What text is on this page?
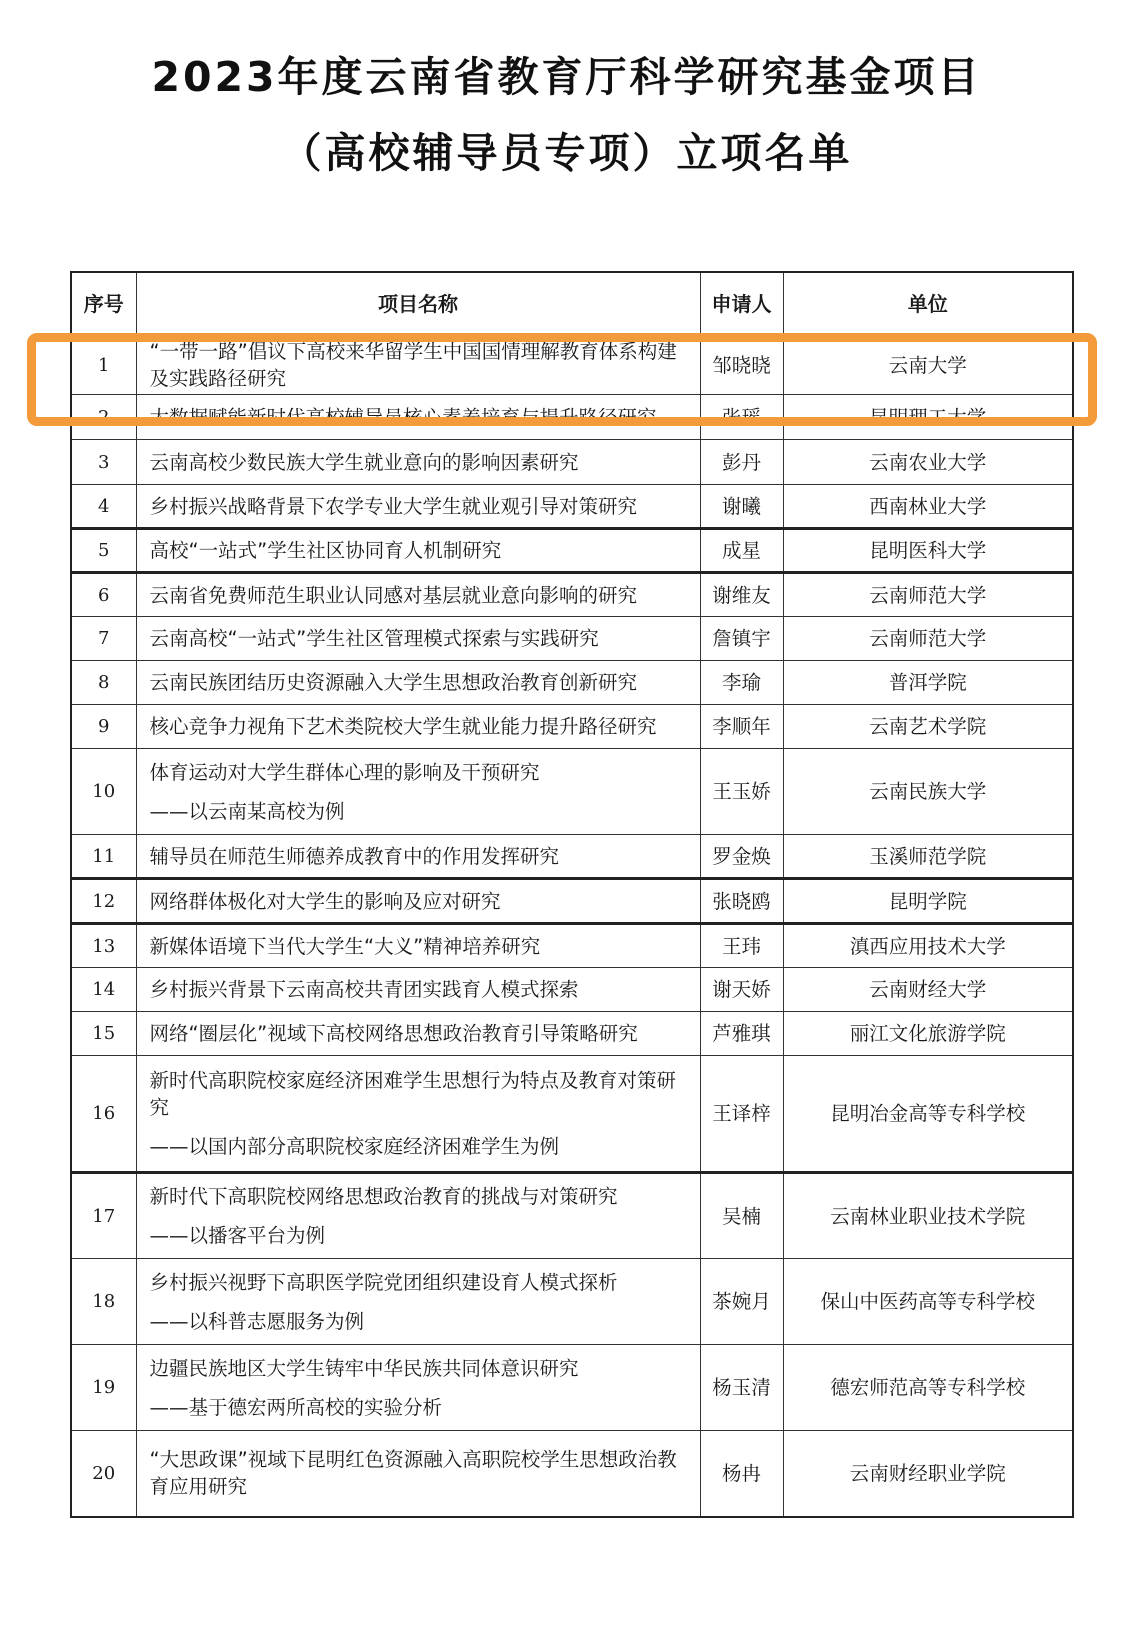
2023年度云南省教育厅科学研究基金项目
（高校辅导员专项）立项名单
序号	项目名称	申请人	单位
1	“一带一路”倡议下高校来华留学生中国国情理解教育体系构建及实践路径研究	邹晓晓	云南大学
2	大数据赋能新时代高校辅导员核心素养培育与提升路径研究	张瑶	昆明理工大学
3	云南高校少数民族大学生就业意向的影响因素研究	彭丹	云南农业大学
4	乡村振兴战略背景下农学专业大学生就业观引导对策研究	谢曦	西南林业大学
5	高校“一站式”学生社区协同育人机制研究	成星	昆明医科大学
6	云南省免费师范生职业认同感对基层就业意向影响的研究	谢维友	云南师范大学
7	云南高校“一站式”学生社区管理模式探索与实践研究	詹镇宇	云南师范大学
8	云南民族团结历史资源融入大学生思想政治教育创新研究	李瑜	普洱学院
9	核心竞争力视角下艺术类院校大学生就业能力提升路径研究	李顺年	云南艺术学院
10	体育运动对大学生群体心理的影响及干预研究
——以云南某高校为例	王玉娇	云南民族大学
11	辅导员在师范生师德养成教育中的作用发挥研究	罗金焕	玉溪师范学院
12	网络群体极化对大学生的影响及应对研究	张晓鸥	昆明学院
13	新媒体语境下当代大学生“大义”精神培养研究	王玮	滇西应用技术大学
14	乡村振兴背景下云南高校共青团实践育人模式探索	谢天娇	云南财经大学
15	网络“圈层化”视域下高校网络思想政治教育引导策略研究	芦雅琪	丽江文化旅游学院
16	新时代高职院校家庭经济困难学生思想行为特点及教育对策研究
——以国内部分高职院校家庭经济困难学生为例	王译梓	昆明冶金高等专科学校
17	新时代下高职院校网络思想政治教育的挑战与对策研究
——以播客平台为例	吴楠	云南林业职业技术学院
18	乡村振兴视野下高职医学院党团组织建设育人模式探析
——以科普志愿服务为例	茶婉月	保山中医药高等专科学校
19	边疆民族地区大学生铸牢中华民族共同体意识研究
——基于德宏两所高校的实验分析	杨玉清	德宏师范高等专科学校
20	“大思政课”视域下昆明红色资源融入高职院校学生思想政治教育应用研究	杨冉	云南财经职业学院
